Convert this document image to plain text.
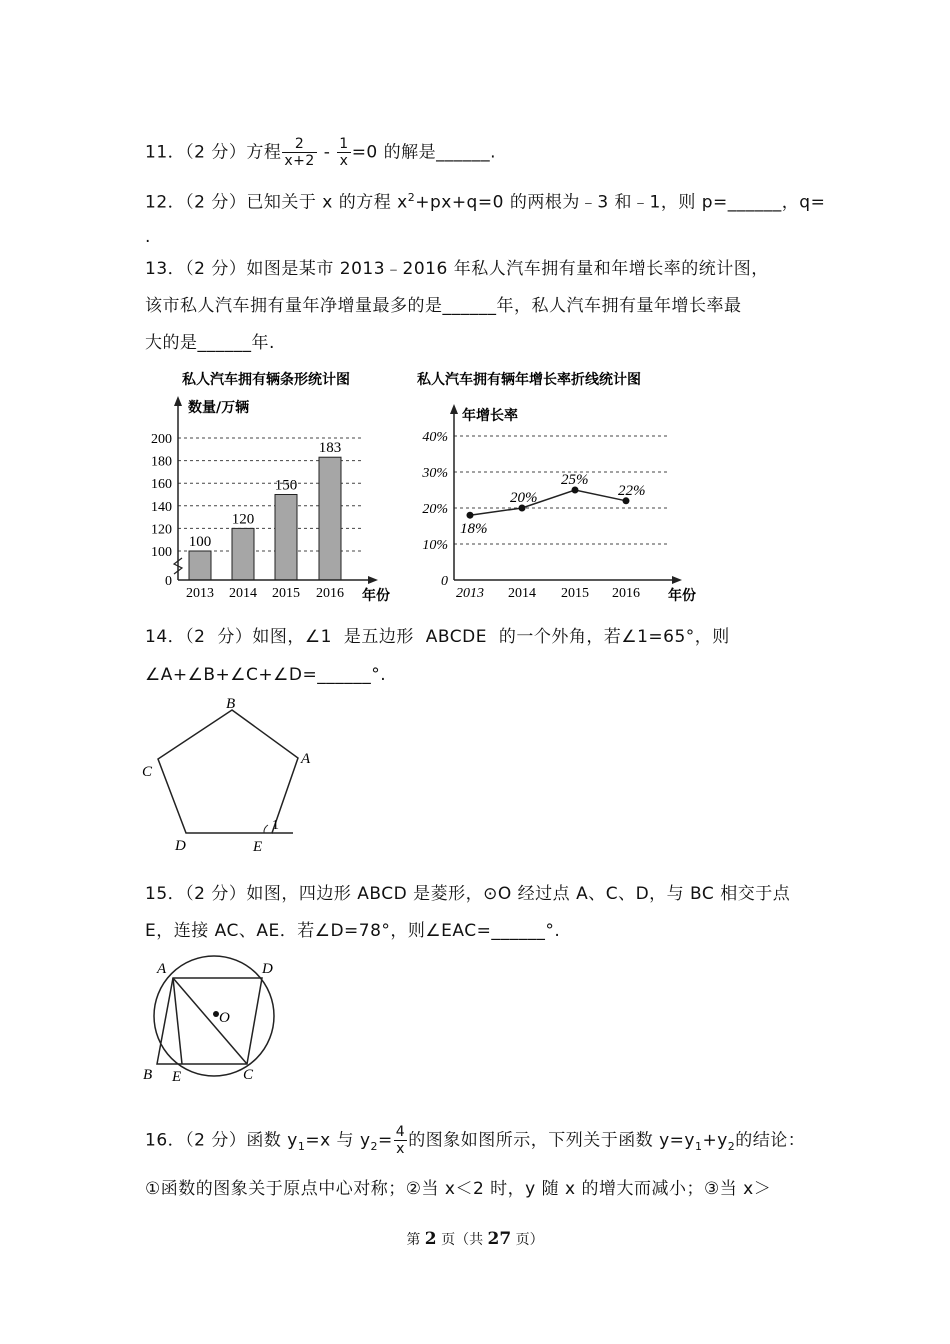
11．（2 分）方程 $\frac{2}{x+2} - \frac{1}{x} =0$ 的解是______.
12．（2 分）已知关于 x 的方程 $x^2+px+q=0$ 的两根为﹣3 和﹣1，则 p=______，q=
.
13．（2 分）如图是某市 2013﹣2016 年私人汽车拥有量和年增长率的统计图，
该市私人汽车拥有量年净增量最多的是______年，私人汽车拥有量年增长率最
大的是______年.
私人汽车拥有辆条形统计图
数量/万辆
年份
0
100
120
140
160
180
200
100
2013
120
2014
150
2015
183
2016
私人汽车拥有辆年增长率折线统计图
年增长率
年份
0
10%
20%
30%
40%
18%
2013
20%
2014
25%
2015
22%
2016
14．（2 分）如图，∠1 是五边形 ABCDE 的一个外角，若∠1=65°，则
∠A+∠B+∠C+∠D=______°.
B
A
C
D	E
1
15．（2 分）如图，四边形 ABCD 是菱形，⊙O 经过点 A、C、D，与 BC 相交于点
E，连接 AC、AE．若∠D=78°，则∠EAC=______°.
A	D
O
B E	C
16．（2 分）函数 $y_1=x$ 与 $y_2= \frac{4}{x}$ 的图象如图所示，下列关于函数 $y=y_1+y_2$的结论：
①函数的图象关于原点中心对称；②当 x＜2 时，y 随 x 的增大而减小；③当 x＞
第 2 页（共 27 页）
